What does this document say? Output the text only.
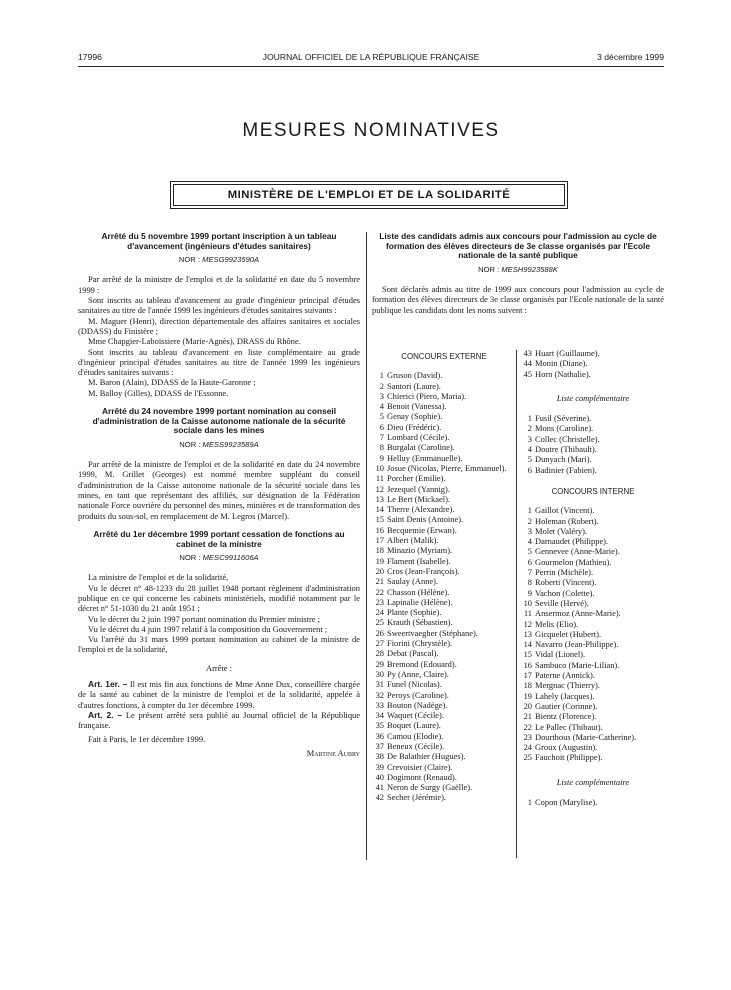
17996	JOURNAL OFFICIEL DE LA RÉPUBLIQUE FRANÇAISE	3 décembre 1999
MESURES NOMINATIVES
MINISTÈRE DE L'EMPLOI ET DE LA SOLIDARITÉ
Arrêté du 5 novembre 1999 portant inscription à un tableau d'avancement (ingénieurs d'études sanitaires)
NOR : MESG9923590A

Par arrêté de la ministre de l'emploi et de la solidarité en date du 5 novembre 1999 :

Sont inscrits au tableau d'avancement au grade d'ingénieur principal d'études sanitaires au titre de l'année 1999 les ingénieurs d'études sanitaires suivants :

M. Maguer (Henri), direction départementale des affaires sanitaires et sociales (DDASS) du Finistère ;

Mme Chapgier-Laboissiere (Marie-Agnès), DRASS du Rhône.

Sont inscrits au tableau d'avancement en liste complémentaire au grade d'ingénieur principal d'études sanitaires au titre de l'année 1999 les ingénieurs d'études sanitaires suivants :

M. Baron (Alain), DDASS de la Haute-Garonne ;

M. Balloy (Gilles), DDASS de l'Essonne.

Arrêté du 24 novembre 1999 portant nomination au conseil d'administration de la Caisse autonome nationale de la sécurité sociale dans les mines
NOR : MESS9923589A

Par arrêté de la ministre de l'emploi et de la solidarité en date du 24 novembre 1999, M. Grillet (Georges) est nommé membre suppléant du conseil d'administration de la Caisse autonome nationale de la sécurité sociale dans les mines, en tant que représentant des affiliés, sur désignation de la Fédération nationale Force ouvrière du personnel des mines, minières et de transformation des produits du sous-sol, en remplacement de M. Legros (Marcel).

Arrêté du 1er décembre 1999 portant cessation de fonctions au cabinet de la ministre
NOR : MESC9911606A

La ministre de l'emploi et de la solidarité,

Vu le décret n° 48-1233 du 28 juillet 1948 portant règlement d'administration publique en ce qui concerne les cabinets ministériels, modifié notamment par le décret n° 51-1030 du 21 août 1951 ;

Vu le décret du 2 juin 1997 portant nomination du Premier ministre ;

Vu le décret du 4 juin 1997 relatif à la composition du Gouvernement ;

Vu l'arrêté du 31 mars 1999 portant nomination au cabinet de la ministre de l'emploi et de la solidarité,

Arrête :

Art. 1er. – Il est mis fin aux fonctions de Mme Anne Dux, conseillère chargée de la santé au cabinet de la ministre de l'emploi et de la solidarité, appelée à d'autres fonctions, à compter du 1er décembre 1999.

Art. 2. – Le présent arrêté sera publié au Journal officiel de la République française.

Fait à Paris, le 1er décembre 1999.

Martine Aubry

Liste des candidats admis aux concours pour l'admission au cycle de formation des élèves directeurs de 3e classe organisés par l'Ecole nationale de la santé publique
NOR : MESH9923588K

Sont déclarés admis au titre de 1999 aux concours pour l'admission au cycle de formation des élèves directeurs de 3e classe organisés par l'Ecole nationale de la santé publique les candidats dont les noms suivent :

CONCOURS EXTERNE
1 Gruson (David).
2 Santori (Laure).
3 Chierici (Piero, Maria).
4 Benoit (Vanessa).
5 Genay (Sophie).
6 Dieu (Frédéric).
7 Lombard (Cécile).
8 Burgalat (Caroline).
9 Helluy (Emmanuelle).
10 Josue (Nicolas, Pierre, Emmanuel).
11 Porcher (Emilie).
12 Jezequel (Yannig).
13 Le Bert (Mickael).
14 Therre (Alexandre).
15 Saint Denis (Antoine).
16 Becquemie (Erwan).
17 Albert (Malik).
18 Minazio (Myriam).
19 Flament (Isabelle).
20 Cros (Jean-François).
21 Saulay (Anne).
22 Chasson (Hélène).
23 Lapinalie (Hélène).
24 Plante (Sophie).
25 Krauth (Sébastien).
26 Sweertvaegher (Stéphane).
27 Fiorini (Chrystèle).
28 Debat (Pascal).
29 Bremond (Edouard).
30 Py (Anne, Claire).
31 Funel (Nicolas).
32 Peroys (Caroline).
33 Bouton (Nadège).
34 Waquet (Cécile).
35 Boquet (Laure).
36 Camou (Elodie).
37 Beneux (Cécile).
38 De Balathier (Hugues).
39 Crevoisier (Claire).
40 Dogimont (Renaud).
41 Neron de Surgy (Gaëlle).
42 Secher (Jérémie).
43 Huart (Guillaume).
44 Monin (Diane).
45 Horn (Nathalie).
Liste complémentaire
1 Fusil (Séverine).
2 Mons (Caroline).
3 Collec (Christelle).
4 Doutre (Thibault).
5 Dunyach (Mari).
6 Badinier (Fabien).
CONCOURS INTERNE
1 Gaillot (Vincent).
2 Holeman (Robert).
3 Molet (Valéry).
4 Darnaudet (Philippe).
5 Gennevee (Anne-Marie).
6 Gourmelon (Mathieu).
7 Perrin (Michèle).
8 Roberti (Vincent).
9 Vachon (Colette).
10 Seville (Hervé).
11 Ansermoz (Anne-Marie).
12 Melis (Elio).
13 Gicquelet (Hubert).
14 Navarro (Jean-Philippe).
15 Vidal (Lionel).
16 Sambuco (Marie-Lilian).
17 Paterne (Annick).
18 Mergnac (Thierry).
19 Lahely (Jacques).
20 Gautier (Corinne).
21 Bientz (Florence).
22 Le Pallec (Thibaut).
23 Dourthous (Marie-Catherine).
24 Groux (Augustin).
25 Fauchoit (Philippe).
Liste complémentaire
1 Copon (Marylise).
